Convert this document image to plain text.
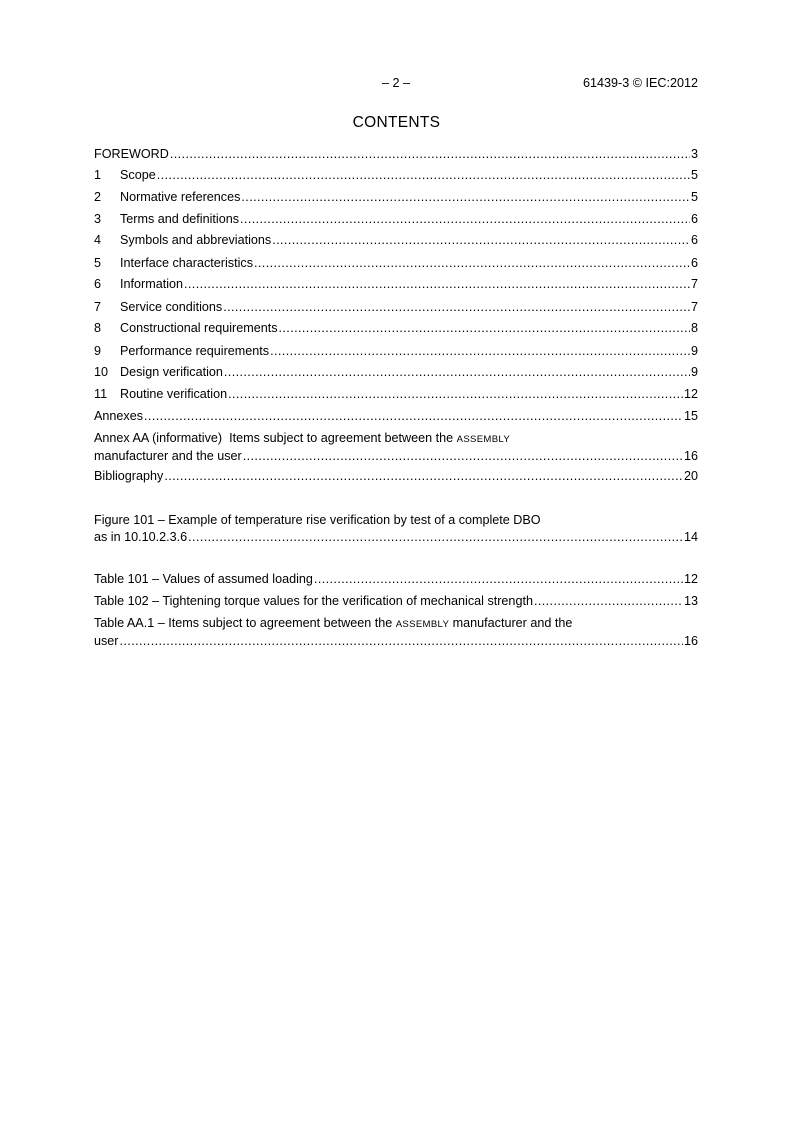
– 2 –	61439-3 © IEC:2012
CONTENTS
FOREWORD .....	3
1	Scope .....	5
2	Normative references .....	5
3	Terms and definitions .....	6
4	Symbols and abbreviations .....	6
5	Interface characteristics .....	6
6	Information .....	7
7	Service conditions .....	7
8	Constructional requirements .....	8
9	Performance requirements .....	9
10 Design verification .....	9
11	Routine verification .....	12
Annexes .....	15
Annex AA (informative)  Items subject to agreement between the ASSEMBLY
manufacturer and the user .....	16
Bibliography .....	20
Figure 101 – Example of temperature rise verification by test of a complete DBO
as in 10.10.2.3.6 .....	14
Table 101 – Values of assumed loading .....	12
Table 102 – Tightening torque values for the verification of mechanical strength .....	13
Table AA.1 – Items subject to agreement between the ASSEMBLY manufacturer and the
user .....	16
